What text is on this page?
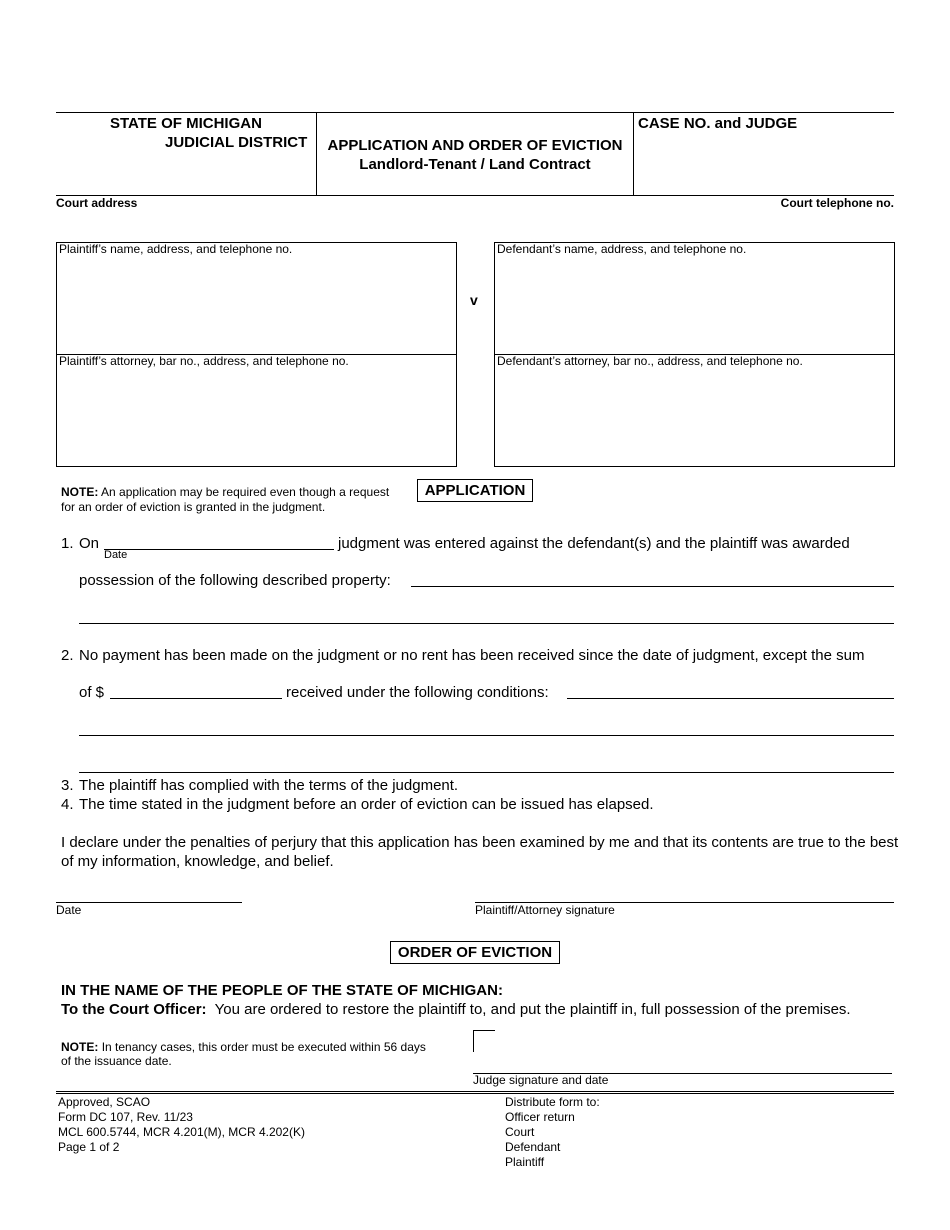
STATE OF MICHIGAN
JUDICIAL DISTRICT	APPLICATION AND ORDER OF EVICTION
Landlord-Tenant / Land Contract
CASE NO. and JUDGE
Court address	Court telephone no.
Plaintiff’s name, address, and telephone no.
Plaintiff’s attorney, bar no., address, and telephone no.
v
Defendant’s name, address, and telephone no.
Defendant’s attorney, bar no., address, and telephone no.
NOTE: An application may be required even though a request for an order of eviction is granted in the judgment.
APPLICATION
1. On
Date
judgment was entered against the defendant(s) and the plaintiff was awarded
possession of the following described property:
2. No payment has been made on the judgment or no rent has been received since the date of judgment, except the sum
of $	received under the following conditions:
3. The plaintiff has complied with the terms of the judgment.
4. The time stated in the judgment before an order of eviction can be issued has elapsed.
I declare under the penalties of perjury that this application has been examined by me and that its contents are true to the best of my information, knowledge, and belief.
Date	Plaintiff/Attorney signature
ORDER OF EVICTION
IN THE NAME OF THE PEOPLE OF THE STATE OF MICHIGAN:
To the Court Officer: You are ordered to restore the plaintiff to, and put the plaintiff in, full possession of the premises.
NOTE: In tenancy cases, this order must be executed within 56 days of the issuance date.
Judge signature and date
Approved, SCAO
Form DC 107, Rev. 11/23
MCL 600.5744, MCR 4.201(M), MCR 4.202(K)
Page 1 of 2
Distribute form to:
Officer return
Court
Defendant
Plaintiff
